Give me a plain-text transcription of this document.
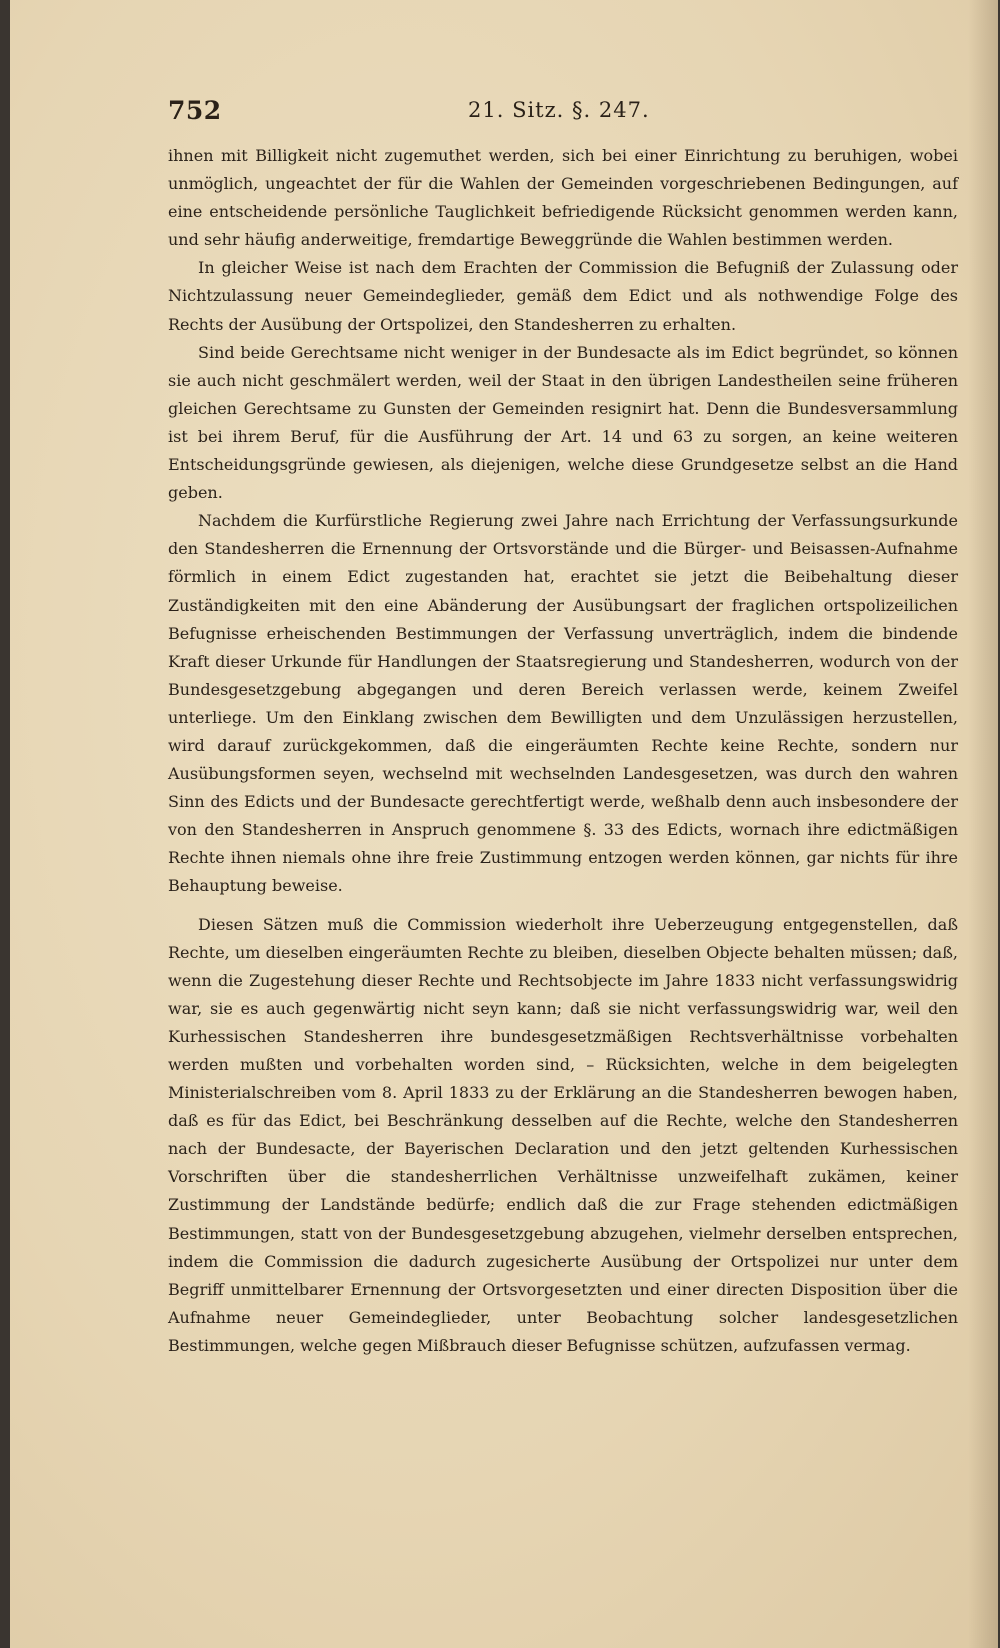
752	21. Sitz. §. 247.

ihnen mit Billigkeit nicht zugemuthet werden, sich bei einer Einrichtung zu beruhigen, wobei unmöglich, ungeachtet der für die Wahlen der Gemeinden vorgeschriebenen Bedingungen, auf eine entscheidende persönliche Tauglichkeit befriedigende Rücksicht genommen werden kann, und sehr häufig anderweitige, fremdartige Beweggründe die Wahlen bestimmen werden.

In gleicher Weise ist nach dem Erachten der Commission die Befugniß der Zulassung oder Nichtzulassung neuer Gemeindeglieder, gemäß dem Edict und als nothwendige Folge des Rechts der Ausübung der Ortspolizei, den Standesherren zu erhalten.

Sind beide Gerechtsame nicht weniger in der Bundesacte als im Edict begründet, so können sie auch nicht geschmälert werden, weil der Staat in den übrigen Landestheilen seine früheren gleichen Gerechtsame zu Gunsten der Gemeinden resignirt hat. Denn die Bundesversammlung ist bei ihrem Beruf, für die Ausführung der Art. 14 und 63 zu sorgen, an keine weiteren Entscheidungsgründe gewiesen, als diejenigen, welche diese Grundgesetze selbst an die Hand geben.

Nachdem die Kurfürstliche Regierung zwei Jahre nach Errichtung der Verfassungsurkunde den Standesherren die Ernennung der Ortsvorstände und die Bürger- und Beisassen-Aufnahme förmlich in einem Edict zugestanden hat, erachtet sie jetzt die Beibehaltung dieser Zuständigkeiten mit den eine Abänderung der Ausübungsart der fraglichen ortspolizeilichen Befugnisse erheischenden Bestimmungen der Verfassung unverträglich, indem die bindende Kraft dieser Urkunde für Handlungen der Staatsregierung und Standesherren, wodurch von der Bundesgesetzgebung abgegangen und deren Bereich verlassen werde, keinem Zweifel unterliege. Um den Einklang zwischen dem Bewilligten und dem Unzulässigen herzustellen, wird darauf zurückgekommen, daß die eingeräumten Rechte keine Rechte, sondern nur Ausübungsformen seyen, wechselnd mit wechselnden Landesgesetzen, was durch den wahren Sinn des Edicts und der Bundesacte gerechtfertigt werde, weßhalb denn auch insbesondere der von den Standesherren in Anspruch genommene §. 33 des Edicts, wornach ihre edictmäßigen Rechte ihnen niemals ohne ihre freie Zustimmung entzogen werden können, gar nichts für ihre Behauptung beweise.

Diesen Sätzen muß die Commission wiederholt ihre Ueberzeugung entgegenstellen, daß Rechte, um dieselben eingeräumten Rechte zu bleiben, dieselben Objecte behalten müssen; daß, wenn die Zugestehung dieser Rechte und Rechtsobjecte im Jahre 1833 nicht verfassungswidrig war, sie es auch gegenwärtig nicht seyn kann; daß sie nicht verfassungswidrig war, weil den Kurhessischen Standesherren ihre bundesgesetzmäßigen Rechtsverhältnisse vorbehalten werden mußten und vorbehalten worden sind, – Rücksichten, welche in dem beigelegten Ministerialschreiben vom 8. April 1833 zu der Erklärung an die Standesherren bewogen haben, daß es für das Edict, bei Beschränkung desselben auf die Rechte, welche den Standesherren nach der Bundesacte, der Bayerischen Declaration und den jetzt geltenden Kurhessischen Vorschriften über die standesherrlichen Verhältnisse unzweifelhaft zukämen, keiner Zustimmung der Landstände bedürfe; endlich daß die zur Frage stehenden edictmäßigen Bestimmungen, statt von der Bundesgesetzgebung abzugehen, vielmehr derselben entsprechen, indem die Commission die dadurch zugesicherte Ausübung der Ortspolizei nur unter dem Begriff unmittelbarer Ernennung der Ortsvorgesetzten und einer directen Disposition über die Aufnahme neuer Gemeindeglieder, unter Beobachtung solcher landesgesetzlichen Bestimmungen, welche gegen Mißbrauch dieser Befugnisse schützen, aufzufassen vermag.
